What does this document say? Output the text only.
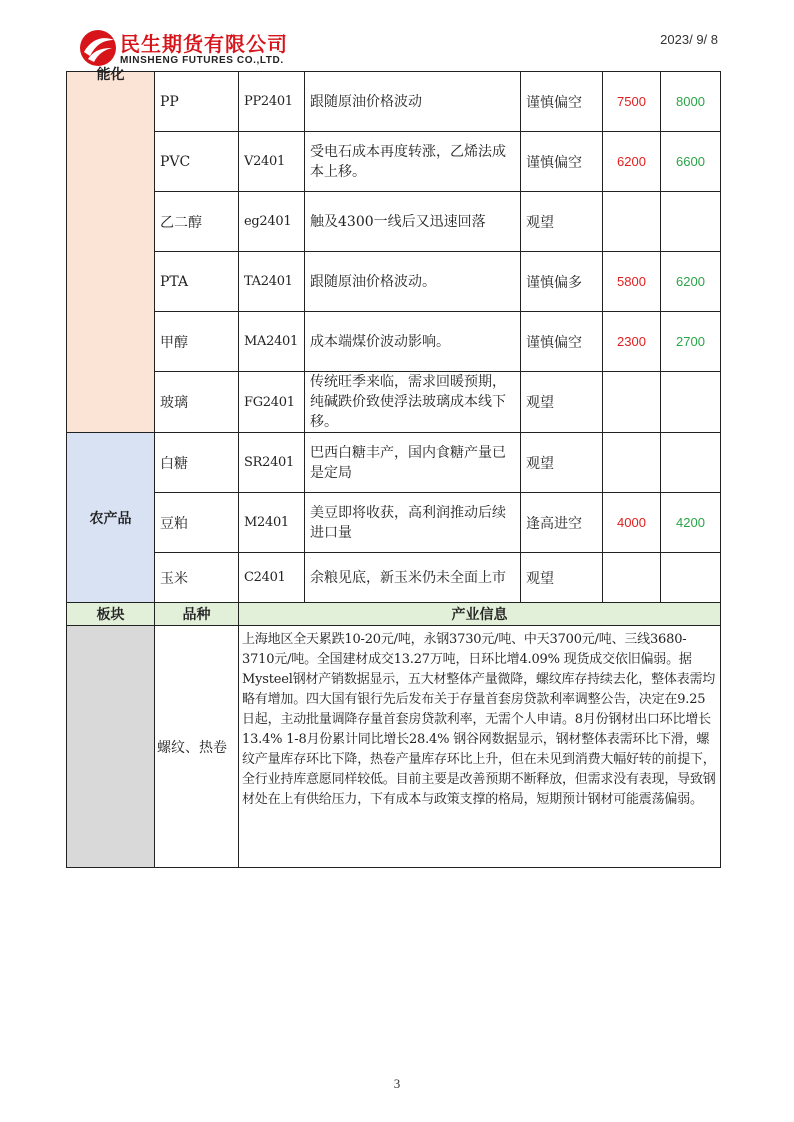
民生期货有限公司
MINSHENG FUTURES CO.,LTD.
2023/ 9/ 8
能化	PP	PP2401	跟随原油价格波动	谨慎偏空	7500	8000
	PVC	V2401	受电石成本再度转涨，乙烯法成本上移。	谨慎偏空	6200	6600
	乙二醇	eg2401	触及4300一线后又迅速回落	观望		
	PTA	TA2401	跟随原油价格波动。	谨慎偏多	5800	6200
	甲醇	MA2401	成本端煤价波动影响。	谨慎偏空	2300	2700
	玻璃	FG2401	传统旺季来临，需求回暖预期，纯碱跌价致使浮法玻璃成本线下移。	观望		
农产品	白糖	SR2401	巴西白糖丰产，国内食糖产量已是定局	观望		
	豆粕	M2401	美豆即将收获，高利润推动后续进口量	逢高进空	4000	4200
	玉米	C2401	余粮见底，新玉米仍未全面上市	观望		
板块	品种	产业信息				
	螺纹、热卷	上海地区全天累跌10-20元/吨，永钢3730元/吨、中天3700元/吨、三线3680-3710元/吨。全国建材成交13.27万吨，日环比增4.09% 现货成交依旧偏弱。据Mysteel钢材产销数据显示，五大材整体产量微降，螺纹库存持续去化，整体表需均略有增加。四大国有银行先后发布关于存量首套房贷款利率调整公告，决定在9.25日起，主动批量调降存量首套房贷款利率，无需个人申请。8月份钢材出口环比增长13.4% 1-8月份累计同比增长28.4% 钢谷网数据显示，钢材整体表需环比下滑，螺纹产量库存环比下降，热卷产量库存环比上升，但在未见到消费大幅好转的前提下，全行业持库意愿同样较低。目前主要是改善预期不断释放，但需求没有表现，导致钢材处在上有供给压力，下有成本与政策支撑的格局，短期预计钢材可能震荡偏弱。				
3
